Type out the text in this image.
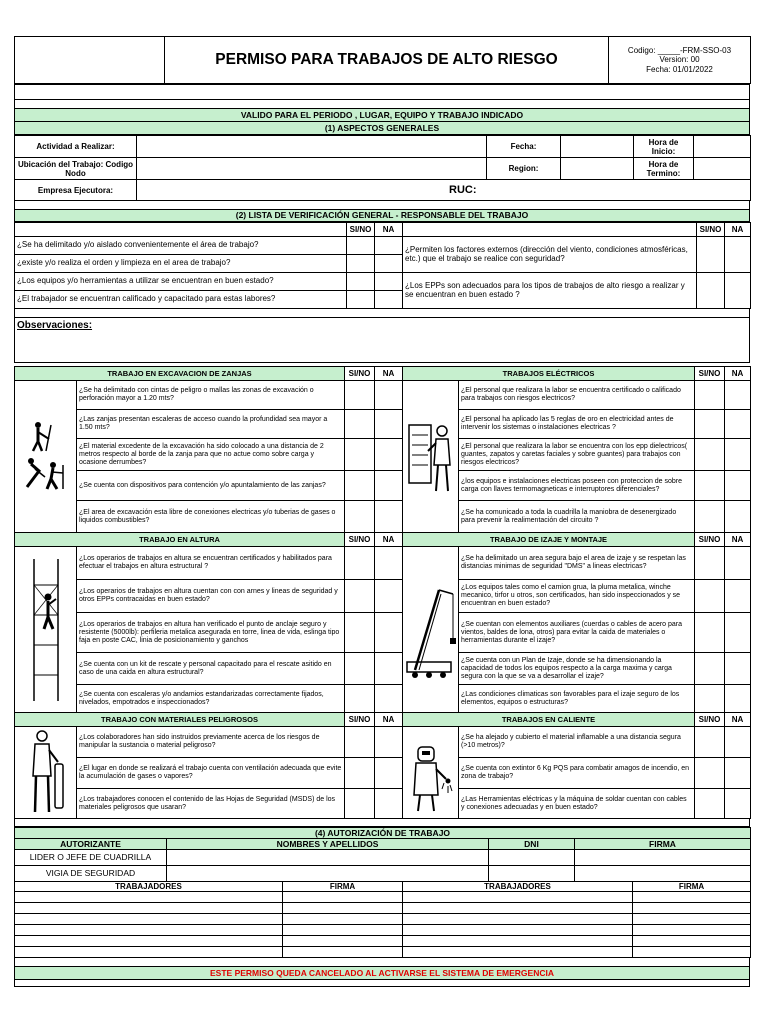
	PERMISO PARA TRABAJOS DE ALTO RIESGO	
Codigo: _____-FRM-SSO-03
Version: 00
Fecha: 01/01/2022

VALIDO PARA EL PERIODO , LUGAR, EQUIPO Y TRABAJO INDICADO
(1) ASPECTOS GENERALES
Actividad a Realizar:		Fecha:		Hora de Inicio:	
Ubicación del Trabajo: Codigo Nodo		Region:		Hora de Termino:	
Empresa Ejecutora:	RUC:				

(2) LISTA DE VERIFICACIÓN GENERAL - RESPONSABLE DEL TRABAJO
	SI/NO	NA		SI/NO	NA
¿Se ha delimitado y/o aislado convenientemente el área de trabajo?			¿Permiten los factores externos (dirección del viento, condiciones atmosféricas, etc.) que el trabajo se realice con seguridad?		
¿existe y/o realiza el orden y limpieza en el area de trabajo?					
¿Los equipos y/o herramientas a utilizar se encuentran en buen estado?			¿Los EPPs son adecuados para los tipos de trabajos de alto riesgo a realizar y se encuentran en buen estado ?		
¿El trabajador se encuentran calificado y capacitado para estas labores?					

Observaciones:
TRABAJO EN EXCAVACION DE ZANJAS		SI/NO	NA	TRABAJOS ELÉCTRICOS		SI/NO	NA

	¿Se ha delimitado con cintas de peligro o mallas las zonas de excavación o perforación mayor a 1.20 mts?				¿El personal que realizara la labor se encuentra certificado o calificado para trabajos con riesgos electricos?		
	¿Las zanjas presentan escaleras de acceso cuando la profundidad sea mayor a 1.50 mts?				¿El personal ha aplicado las 5 reglas de oro en electricidad antes de intervenir los sistemas o instalaciones electricas ?		
	¿El material excedente de la excavación ha sido colocado a una distancia de 2 metros respecto al borde de la zanja para que no actue como sobre carga y ocasione derrumbes?				¿El personal que realizara la labor se encuentra con los epp dielectricos( guantes, zapatos y caretas faciales y sobre guantes) para trabajos con riesgos electricos?		
	¿Se cuenta con dispositivos para contención y/o apuntalamiento de las zanjas?				¿los equipos e instalaciones electricas poseen con proteccion de sobre carga con llaves termomagneticas e interruptores diferenciales?		
	¿El area de excavación esta libre de conexiones electricas y/o tuberias de gases o liquidos combustibles?				¿Se ha comunicado a toda la cuadrilla la maniobra de desenergizado para prevenir la realimentación del circuito ?		
TRABAJO EN ALTURA		SI/NO	NA	TRABAJO DE IZAJE Y MONTAJE		SI/NO	NA

	¿Los operarios de trabajos en altura se encuentran certificados y habilitados para efectuar el trabajos en altura estructural ?				¿Se ha delimitado un area segura bajo el area de izaje y se respetan las distancias minimas de seguridad "DMS" a lineas electricas?		
	¿Los operarios de trabajos en altura cuentan con con arnes y lineas de seguridad y otros EPPs contracaidas en buen estado?				¿Los equipos tales como el camion grua, la pluma metalica, winche mecanico, tirfor u otros, son certificados, han sido inspeccionados y se encuentran en buen estado?		
	¿Los operarios de trabajos en altura han verificado el punto de anclaje seguro y resistente (5000lb): perfileria metalica asegurada en torre, linea de vida, eslinga tipo faja en poste CAC, linia de posicionamiento y ganchos				¿Se cuentan con elementos auxiliares (cuerdas o cables de acero para vientos, baldes de lona, otros) para evitar la caida de materiales o herramientas durante el izaje?		
	¿Se cuenta con un kit de rescate y personal capacitado para el rescate asitido en caso de una caida en altura estructural?				¿Se cuenta con un Plan de Izaje, donde se ha dimensionando la capacidad de todos los equipos respecto a la carga maxima y carga segura con la que se va a desarrollar el izaje?		
	¿Se cuenta con escaleras y/o andamios estandarizadas correctamente fijados, nivelados, empotrados e inspeccionados?				¿Las condiciones climaticas son favorables para el izaje seguro de los elementos, equipos o estructuras?		
TRABAJO CON MATERIALES PELIGROSOS		SI/NO	NA	TRABAJOS EN CALIENTE		SI/NO	NA

	¿Los colaboradores han sido instruidos previamente acerca de los riesgos de manipular la sustancia o material peligroso?				¿Se ha alejado y cubierto el material inflamable a una distancia segura (>10 metros)?		
	¿El lugar en donde se realizará el trabajo cuenta con ventilación adecuada que evite la acumulación de gases o vapores?				¿Se cuenta con extintor 6 Kg PQS para combatir amagos de incendio, en zona de trabajo?		
	¿Los trabajadores conocen el contenido de las Hojas de Seguridad (MSDS) de los materiales peligrosos que usaran?				¿Las Herramientas eléctricas y la máquina de soldar cuentan con cables y conexiones adecuadas y en buen estado?		
(4) AUTORIZACIÓN DE TRABAJO			
AUTORIZANTE	NOMBRES Y APELLIDOS	DNI	FIRMA
LIDER O JEFE DE CUADRILLA			
VIGIA DE SEGURIDAD			
TRABAJADORES	FIRMA	TRABAJADORES	FIRMA

ESTE PERMISO QUEDA CANCELADO AL ACTIVARSE EL SISTEMA DE EMERGENCIA
